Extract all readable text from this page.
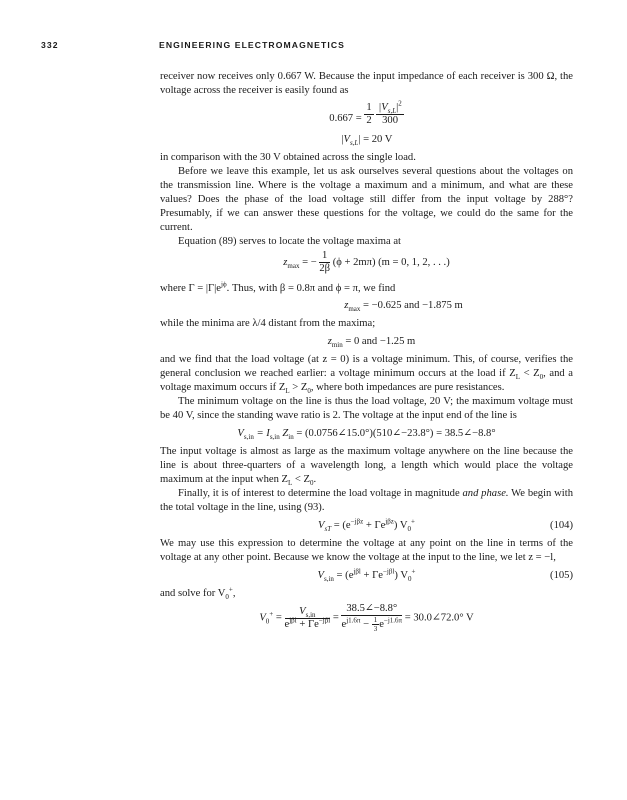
332	ENGINEERING ELECTROMAGNETICS

receiver now receives only 0.667 W. Because the input impedance of each receiver is 300 Ω, the voltage across the receiver is easily found as

$0.667 = \frac{1}{2}$
$\frac{|V_{s,L}|^2}{300}$
$|V_{s,L}| = 20$ V

in comparison with the 30 V obtained across the single load.

Before we leave this example, let us ask ourselves several questions about the voltages on the transmission line. Where is the voltage a maximum and a minimum, and what are these values? Does the phase of the load voltage still differ from the input voltage by 288°? Presumably, if we can answer these questions for the voltage, we could do the same for the current.

Equation (89) serves to locate the voltage maxima at

$z_{max}$ = − $\frac{1}{2\beta} (\phi + 2m\pi) (m = 0$, 1, 2, . . .)

where $\Gamma = |\Gamma|e^{j\phi}$. Thus, with β = 0.8π and ϕ = π, we find

$z_{max} = -0.625$ and −1.875 m

while the minima are λ/4 distant from the maxima;

$z_{min} = 0$ and −1.25 m

and we find that the load voltage (at z = 0) is a voltage minimum. This, of course, verifies the general conclusion we reached earlier: a voltage minimum occurs at the load if $Z_L < Z_0$, and a voltage maximum occurs if $Z_L > Z_0$, where both impedances are pure resistances.

The minimum voltage on the line is thus the load voltage, 20 V; the maximum voltage must be 40 V, since the standing wave ratio is 2. The voltage at the input end of the line is

$V_{s,in} = I_{s,in}$ $Z_{in}$ = (0.0756∠15.0°)(510∠−23.8°) = 38.5∠−8.8°

The input voltage is almost as large as the maximum voltage anywhere on the line because the line is about three-quarters of a wavelength long, a length which would place the voltage maximum at the input when $Z_L < Z_0$.

Finally, it is of interest to determine the load voltage in magnitude and phase. We begin with the total voltage in the line, using (93).

$V_{sT} = (e^{-j\beta z} + \Gamma e^{j\beta z})$ $V_0^+$	(104)

We may use this expression to determine the voltage at any point on the line in terms of the voltage at any other point. Because we know the voltage at the input to the line, we let z = −l,

$V_{s,in} = (e^{j\beta l} + \Gamma e^{-j\beta l})$ $V_0^+$	(105)

and solve for $V_0^+$,

$V_0^+ = \frac{V_{s,in}}{e^{j\beta l} + \Gamma e^{-j\beta l}} = \frac{38.5\angle-8.8^\circ}{e^{j1.6\pi} - \frac{1}{3} e^{-j1.6\pi}}$ = 30.0∠72.0° V
